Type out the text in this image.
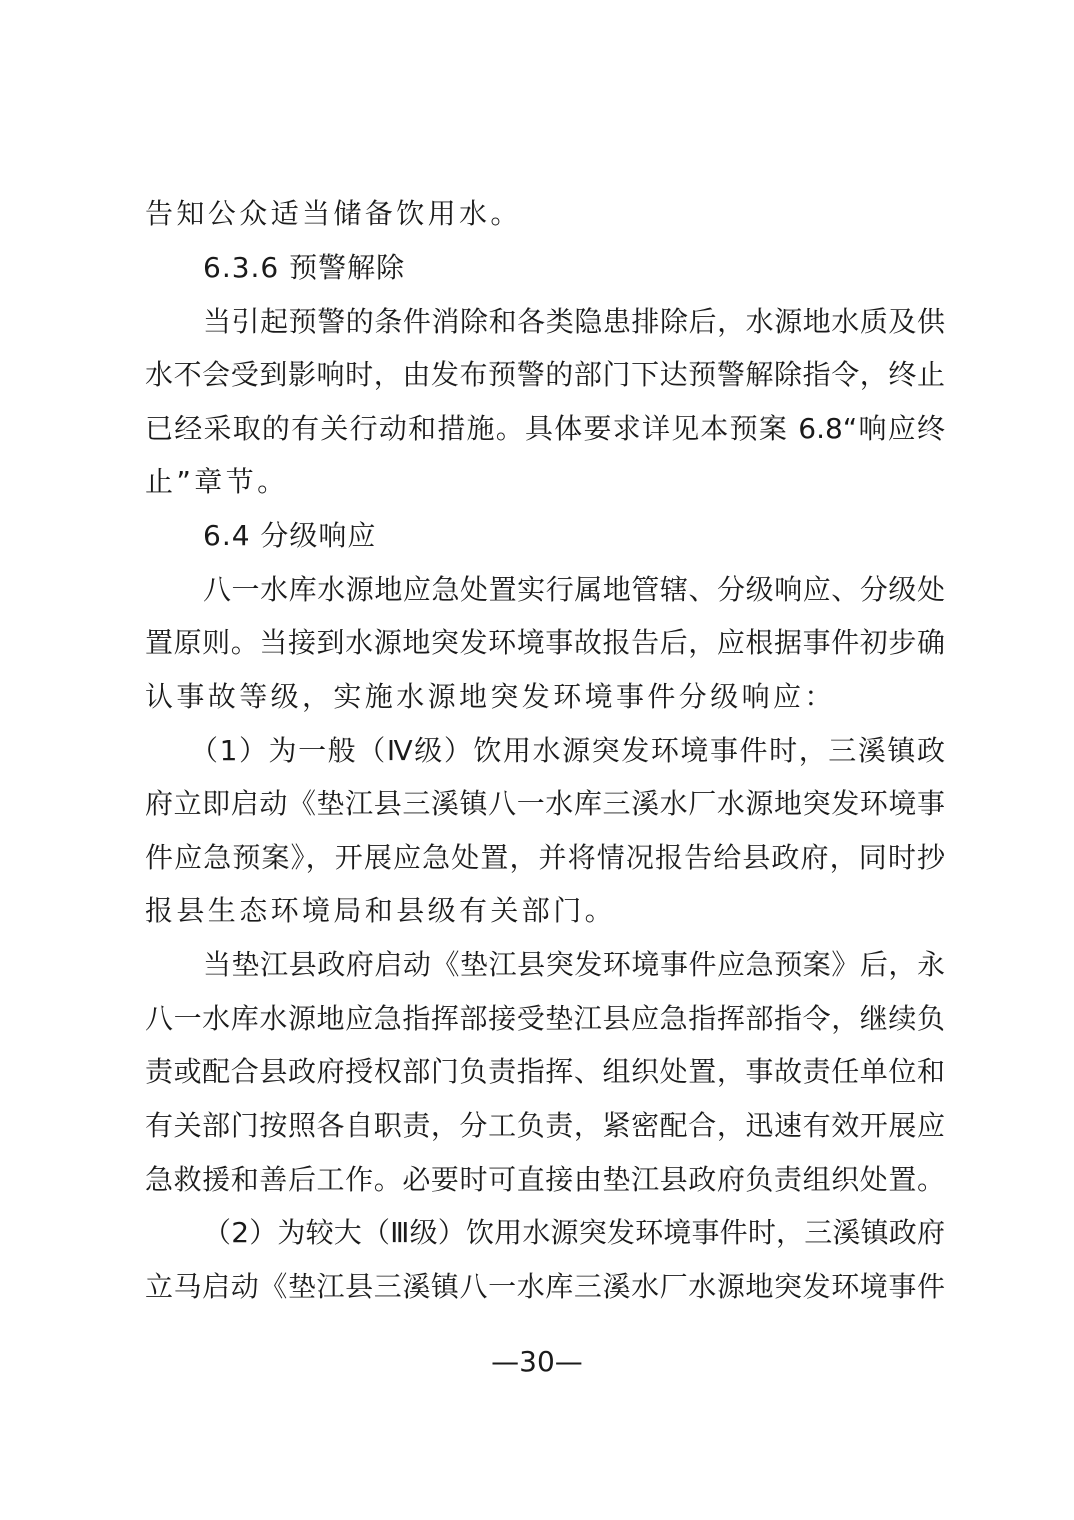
告知公众适当储备饮用水。
6.3.6 预警解除
当引起预警的条件消除和各类隐患排除后，水源地水质及供
水不会受到影响时，由发布预警的部门下达预警解除指令，终止
已经采取的有关行动和措施。具体要求详见本预案 6.8“响应终
止”章节。
6.4 分级响应
八一水库水源地应急处置实行属地管辖、分级响应、分级处
置原则。当接到水源地突发环境事故报告后，应根据事件初步确
认事故等级，实施水源地突发环境事件分级响应：
（1）为一般（Ⅳ级）饮用水源突发环境事件时，三溪镇政
府立即启动《垫江县三溪镇八一水库三溪水厂水源地突发环境事
件应急预案》，开展应急处置，并将情况报告给县政府，同时抄
报县生态环境局和县级有关部门。
当垫江县政府启动《垫江县突发环境事件应急预案》后，永
八一水库水源地应急指挥部接受垫江县应急指挥部指令，继续负
责或配合县政府授权部门负责指挥、组织处置，事故责任单位和
有关部门按照各自职责，分工负责，紧密配合，迅速有效开展应
急救援和善后工作。必要时可直接由垫江县政府负责组织处置。
（2）为较大（Ⅲ级）饮用水源突发环境事件时，三溪镇政府
立马启动《垫江县三溪镇八一水库三溪水厂水源地突发环境事件
—30—
